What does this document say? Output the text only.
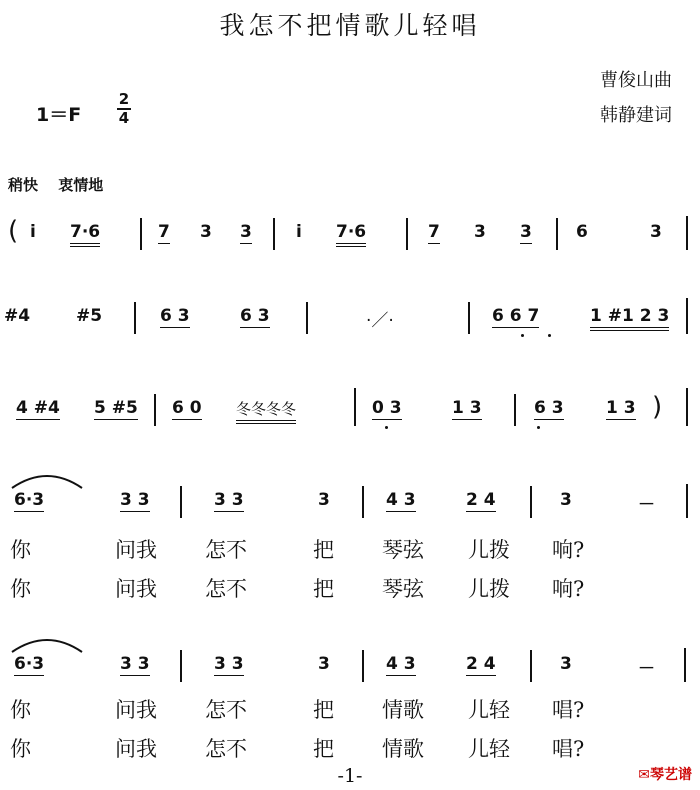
我怎不把情歌儿轻唱
曹俊山曲
韩静建词
1＝F
2
4
稍快　 衷情地
( i 7·6	7 3 3	i 7·6	7 3 3	6	3
#4	#5	6 3	6 3	·／·	6 6 7	1 #1 2 3
4 #4 5 #5 6 0 冬冬冬冬	0 3	1 3	6 3 1 3 )
6·3	3 3	3 3	3	4 3	2 4	3	－
你	问我 怎不	把 琴弦 儿拨 响?
你	问我 怎不	把 琴弦 儿拨 响?
6·3	3 3	3 3	3	4 3	2 4	3	－
你	问我 怎不	把 情歌 儿轻 唱?
你	问我 怎不	把 情歌 儿轻 唱?
-1-	✉︎琴艺谱
